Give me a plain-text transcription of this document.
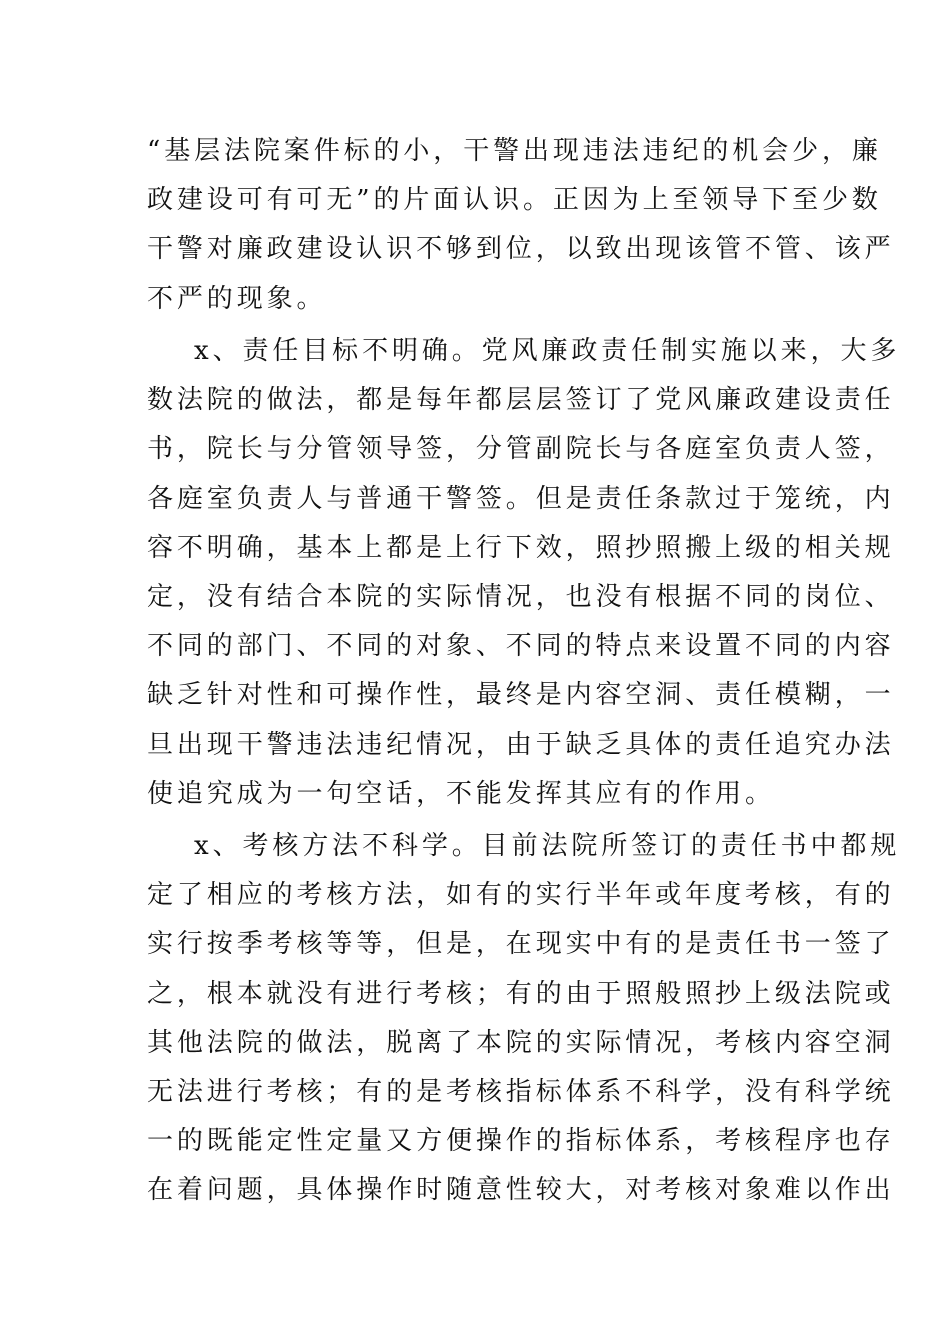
“基层法院案件标的小，干警出现违法违纪的机会少，廉
政建设可有可无”的片面认识。正因为上至领导下至少数
干警对廉政建设认识不够到位，以致出现该管不管、该严
不严的现象。
x、责任目标不明确。党风廉政责任制实施以来，大多
数法院的做法，都是每年都层层签订了党风廉政建设责任
书，院长与分管领导签，分管副院长与各庭室负责人签，
各庭室负责人与普通干警签。但是责任条款过于笼统，内
容不明确，基本上都是上行下效，照抄照搬上级的相关规
定，没有结合本院的实际情况，也没有根据不同的岗位、
不同的部门、不同的对象、不同的特点来设置不同的内容
缺乏针对性和可操作性，最终是内容空洞、责任模糊，一
旦出现干警违法违纪情况，由于缺乏具体的责任追究办法
使追究成为一句空话，不能发挥其应有的作用。
x、考核方法不科学。目前法院所签订的责任书中都规
定了相应的考核方法，如有的实行半年或年度考核，有的
实行按季考核等等，但是，在现实中有的是责任书一签了
之，根本就没有进行考核；有的由于照般照抄上级法院或
其他法院的做法，脱离了本院的实际情况，考核内容空洞
无法进行考核；有的是考核指标体系不科学，没有科学统
一的既能定性定量又方便操作的指标体系，考核程序也存
在着问题，具体操作时随意性较大，对考核对象难以作出
